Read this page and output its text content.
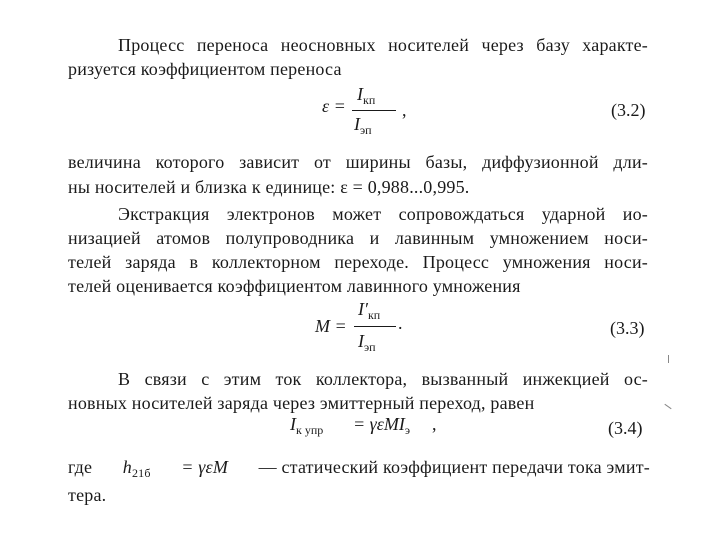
Процесс переноса неосновных носителей через базу характе-
ризуется коэффициентом переноса
ε =
$I_{кп}$
$I_{эп}$
,	(3.2)
величина которого зависит от ширины базы, диффузионной дли-
ны носителей и близка к единице: ε = 0,988...0,995.
Экстракция электронов может сопровождаться ударной ио-
низацией атомов полупроводника и лавинным умножением носи-
телей заряда в коллекторном переходе. Процесс умножения носи-
телей оценивается коэффициентом лавинного умножения
M =
$I'_{кп}$
$I_{эп}$
.	(3.3)
В связи с этим ток коллектора, вызванный инжекцией ос-
новных носителей заряда через эмиттерный переход, равен
$I_{к упр} = \gamma\varepsilon MI_э$ ,	(3.4)
где $h_{21б} = \gamma\varepsilon M$ — статический коэффициент передачи тока эмит-
тера.
